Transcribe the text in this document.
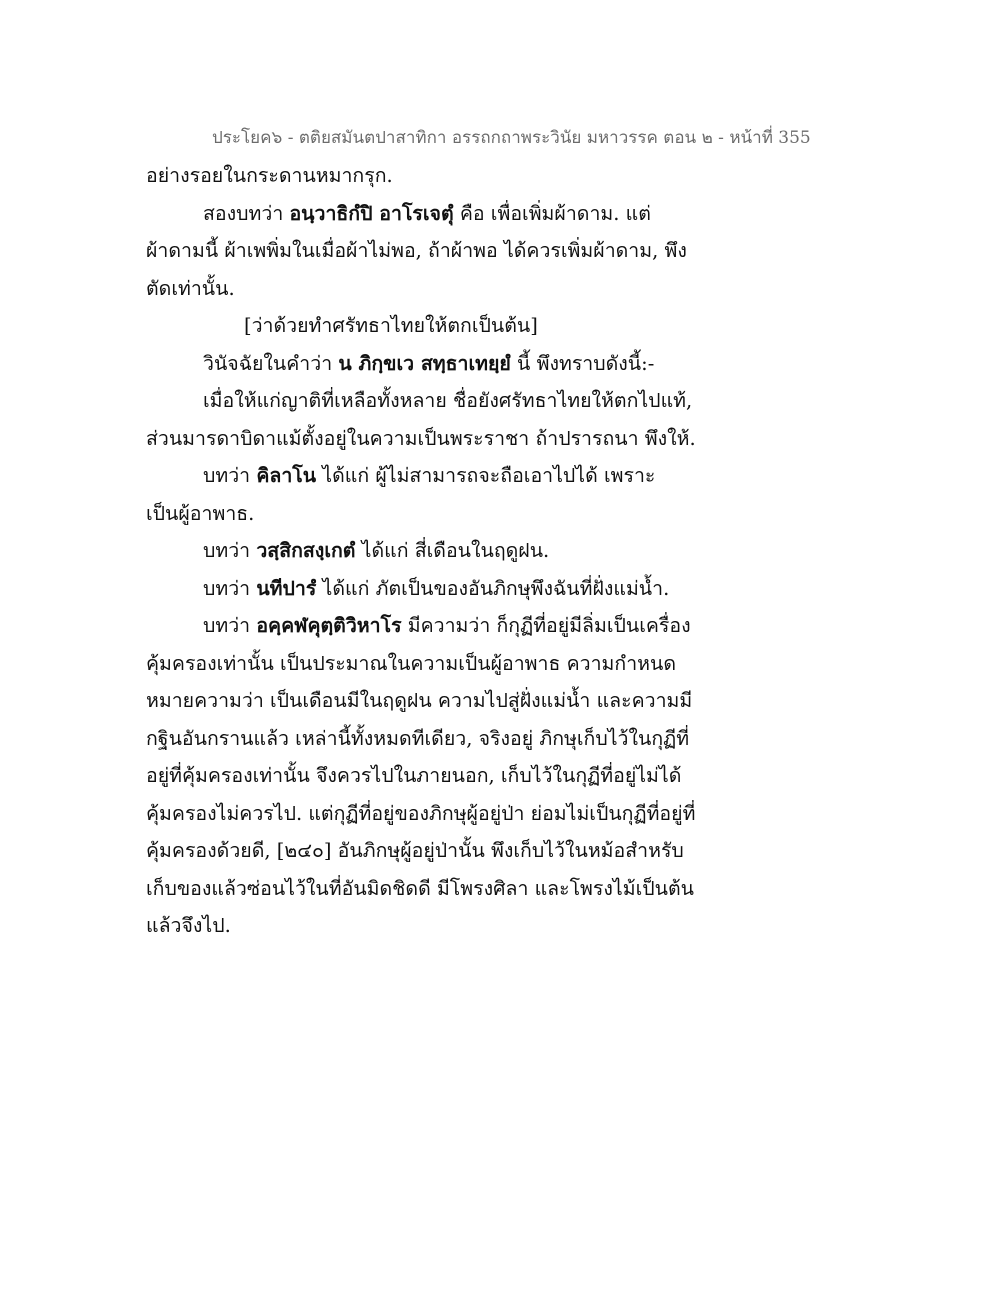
ประโยค๖ - ตติยสมันตปาสาทิกา อรรถกถาพระวินัย มหาวรรค ตอน ๒ - หน้าที่ 355
อย่างรอยในกระดานหมากรุก.
สองบทว่า อนฺวาธิกํปิ อาโรเจตุํ คือ เพื่อเพิ่มผ้าดาม. แต่
ผ้าดามนี้ ผ้าเพพิ่มในเมื่อผ้าไม่พอ, ถ้าผ้าพอ ได้ควรเพิ่มผ้าดาม, พึง
ตัดเท่านั้น.
[ว่าด้วยทำศรัทธาไทยให้ตกเป็นต้น]
วินัจฉัยในคำว่า น ภิกฺขเว สทฺธาเทยฺยํ นี้ พึงทราบดังนี้:-
เมื่อให้แก่ญาติที่เหลือทั้งหลาย ชื่อยังศรัทธาไทยให้ตกไปแท้,
ส่วนมารดาบิดาแม้ตั้งอยู่ในความเป็นพระราชา ถ้าปรารถนา พึงให้.
บทว่า คิลาโน ได้แก่ ผู้ไม่สามารถจะถือเอาไปได้ เพราะ
เป็นผู้อาพาธ.
บทว่า วสฺสิกสงฺเกตํ ได้แก่ สี่เดือนในฤดูฝน.
บทว่า นทีปารํ ได้แก่ ภัตเป็นของอันภิกษุพึงฉันที่ฝั่งแม่น้ำ.
บทว่า อคฺคฬคุตฺติวิหาโร มีความว่า ก็กุฏีที่อยู่มีลิ่มเป็นเครื่อง
คุ้มครองเท่านั้น เป็นประมาณในความเป็นผู้อาพาธ ความกำหนด
หมายความว่า เป็นเดือนมีในฤดูฝน ความไปสู่ฝั่งแม่น้ำ และความมี
กฐินอันกรานแล้ว เหล่านี้ทั้งหมดทีเดียว, จริงอยู่ ภิกษุเก็บไว้ในกุฏีที่
อยู่ที่คุ้มครองเท่านั้น จึงควรไปในภายนอก, เก็บไว้ในกุฏีที่อยู่ไม่ได้
คุ้มครองไม่ควรไป. แต่กุฏีที่อยู่ของภิกษุผู้อยู่ป่า ย่อมไม่เป็นกุฏีที่อยู่ที่
คุ้มครองด้วยดี, [๒๔๐] อันภิกษุผู้อยู่ป่านั้น พึงเก็บไว้ในหม้อสำหรับ
เก็บของแล้วซ่อนไว้ในที่อันมิดชิดดี มีโพรงศิลา และโพรงไม้เป็นต้น
แล้วจึงไป.
